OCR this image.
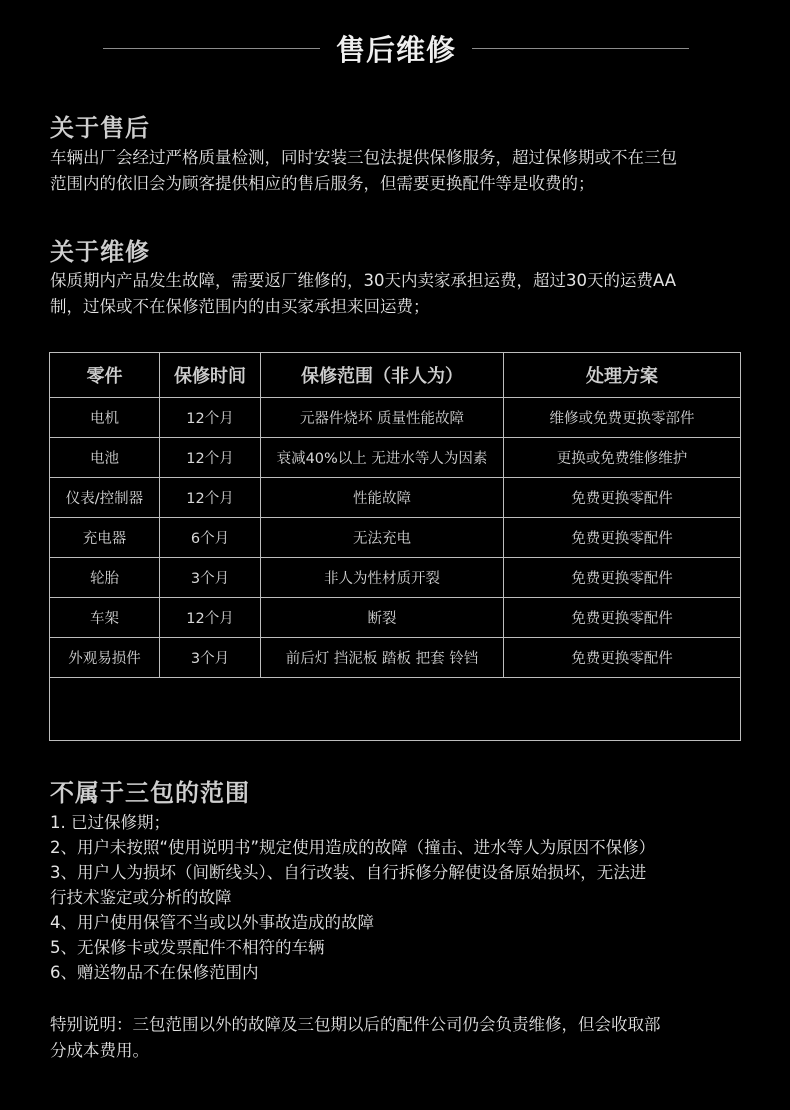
售后维修
关于售后
车辆出厂会经过严格质量检测，同时安装三包法提供保修服务，超过保修期或不在三包
范围内的依旧会为顾客提供相应的售后服务，但需要更换配件等是收费的；
关于维修
保质期内产品发生故障，需要返厂维修的，30天内卖家承担运费，超过30天的运费AA
制，过保或不在保修范围内的由买家承担来回运费；
零件	保修时间	保修范围（非人为）	处理方案
电机	12个月	元器件烧坏 质量性能故障	维修或免费更换零部件
电池	12个月	衰减40%以上 无进水等人为因素	更换或免费维修维护
仪表/控制器	12个月	性能故障	免费更换零配件
充电器	6个月	无法充电	免费更换零配件
轮胎	3个月	非人为性材质开裂	免费更换零配件
车架	12个月	断裂	免费更换零配件
外观易损件	3个月	前后灯 挡泥板 踏板 把套 铃铛	免费更换零配件

不属于三包的范围
1. 已过保修期；
2、用户未按照“使用说明书”规定使用造成的故障（撞击、进水等人为原因不保修）
3、用户人为损坏（间断线头）、自行改装、自行拆修分解使设备原始损坏，无法进
行技术鉴定或分析的故障
4、用户使用保管不当或以外事故造成的故障
5、无保修卡或发票配件不相符的车辆
6、赠送物品不在保修范围内
特别说明：三包范围以外的故障及三包期以后的配件公司仍会负责维修，但会收取部
分成本费用。
